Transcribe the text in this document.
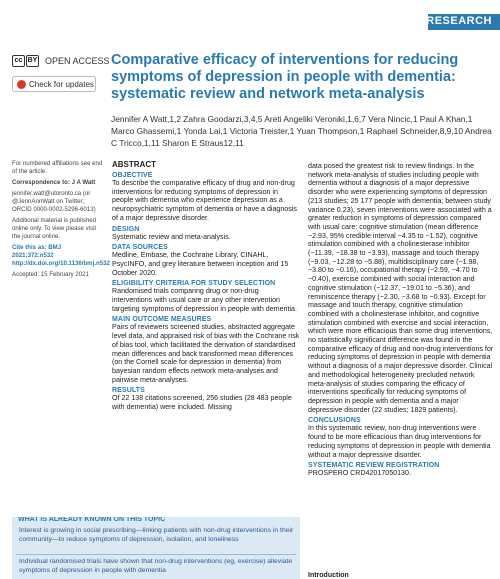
RESEARCH
cc BY OPEN ACCESS
Check for updates
Comparative efficacy of interventions for reducing symptoms of depression in people with dementia: systematic review and network meta-analysis

Jennifer A Watt,1,2 Zahra Goodarzi,3,4,5 Areti Angeliki Veroniki,1,6,7 Vera Nincic,1 Paul A Khan,1 Marco Ghassemi,1 Yonda Lai,1 Victoria Treister,1 Yuan Thompson,1 Raphael Schneider,8,9,10 Andrea C Tricco,1,11 Sharon E Straus12,11

For numbered affiliations see end of the article.

Correspondence to: J A Watt

jennifer.watt@utoronto.ca (or @JennAnnWatt on Twitter; ORCID 0000-0002-5296-6013)

Additional material is published online only. To view please visit the journal online.

Cite this as: BMJ 2021;372:n532 http://dx.doi.org/10.1136/bmj.n532

Accepted: 15 February 2021

ABSTRACT

OBJECTIVE

To describe the comparative efficacy of drug and non-drug interventions for reducing symptoms of depression in people with dementia who experience depression as a neuropsychiatric symptom of dementia or have a diagnosis of a major depressive disorder.

DESIGN

Systematic review and meta-analysis.

DATA SOURCES

Medline, Embase, the Cochrane Library, CINAHL, PsycINFO, and grey literature between inception and 15 October 2020.

ELIGIBILITY CRITERIA FOR STUDY SELECTION

Randomised trials comparing drug or non-drug interventions with usual care or any other intervention targeting symptoms of depression in people with dementia.

MAIN OUTCOME MEASURES

Pairs of reviewers screened studies, abstracted aggregate level data, and appraised risk of bias with the Cochrane risk of bias tool, which facilitated the derivation of standardised mean differences and back transformed mean differences (on the Cornell scale for depression in dementia) from bayesian random effects network meta-analyses and pairwise meta-analyses.

RESULTS

Of 22 138 citations screened, 256 studies (28 483 people with dementia) were included. Missing

data posed the greatest risk to review findings. In the network meta-analysis of studies including people with dementia without a diagnosis of a major depressive disorder who were experiencing symptoms of depression (213 studies; 25 177 people with dementia; between study variance 0.23), seven interventions were associated with a greater reduction in symptoms of depression compared with usual care: cognitive stimulation (mean difference −2.93, 95% credible interval −4.35 to −1.52), cognitive stimulation combined with a cholinesterase inhibitor (−11.39, −18.38 to −3.93), massage and touch therapy (−9.03, −12.28 to −5.88), multidisciplinary care (−1.98, −3.80 to −0.16), occupational therapy (−2.59, −4.70 to −0.40), exercise combined with social interaction and cognitive stimulation (−12.37, −19.01 to −5.36), and reminiscence therapy (−2.30, −3.68 to −0.93). Except for massage and touch therapy, cognitive stimulation combined with a cholinesterase inhibitor, and cognitive stimulation combined with exercise and social interaction, which were more efficacious than some drug interventions, no statistically significant difference was found in the comparative efficacy of drug and non-drug interventions for reducing symptoms of depression in people with dementia without a diagnosis of a major depressive disorder. Clinical and methodological heterogeneity precluded network meta-analysis of studies comparing the efficacy of interventions specifically for reducing symptoms of depression in people with dementia and a major depressive disorder (22 studies; 1829 patients).

CONCLUSIONS

In this systematic review, non-drug interventions were found to be more efficacious than drug interventions for reducing symptoms of depression in people with dementia without a major depressive disorder.

SYSTEMATIC REVIEW REGISTRATION

PROSPERO CRD42017050130.

WHAT IS ALREADY KNOWN ON THIS TOPIC

Interest is growing in social prescribing—linking patients with non-drug interventions in their community—to reduce symptoms of depression, isolation, and loneliness

Individual randomised trials have shown that non-drug interventions (eg, exercise) alleviate symptoms of depression in people with dementia

Introduction
